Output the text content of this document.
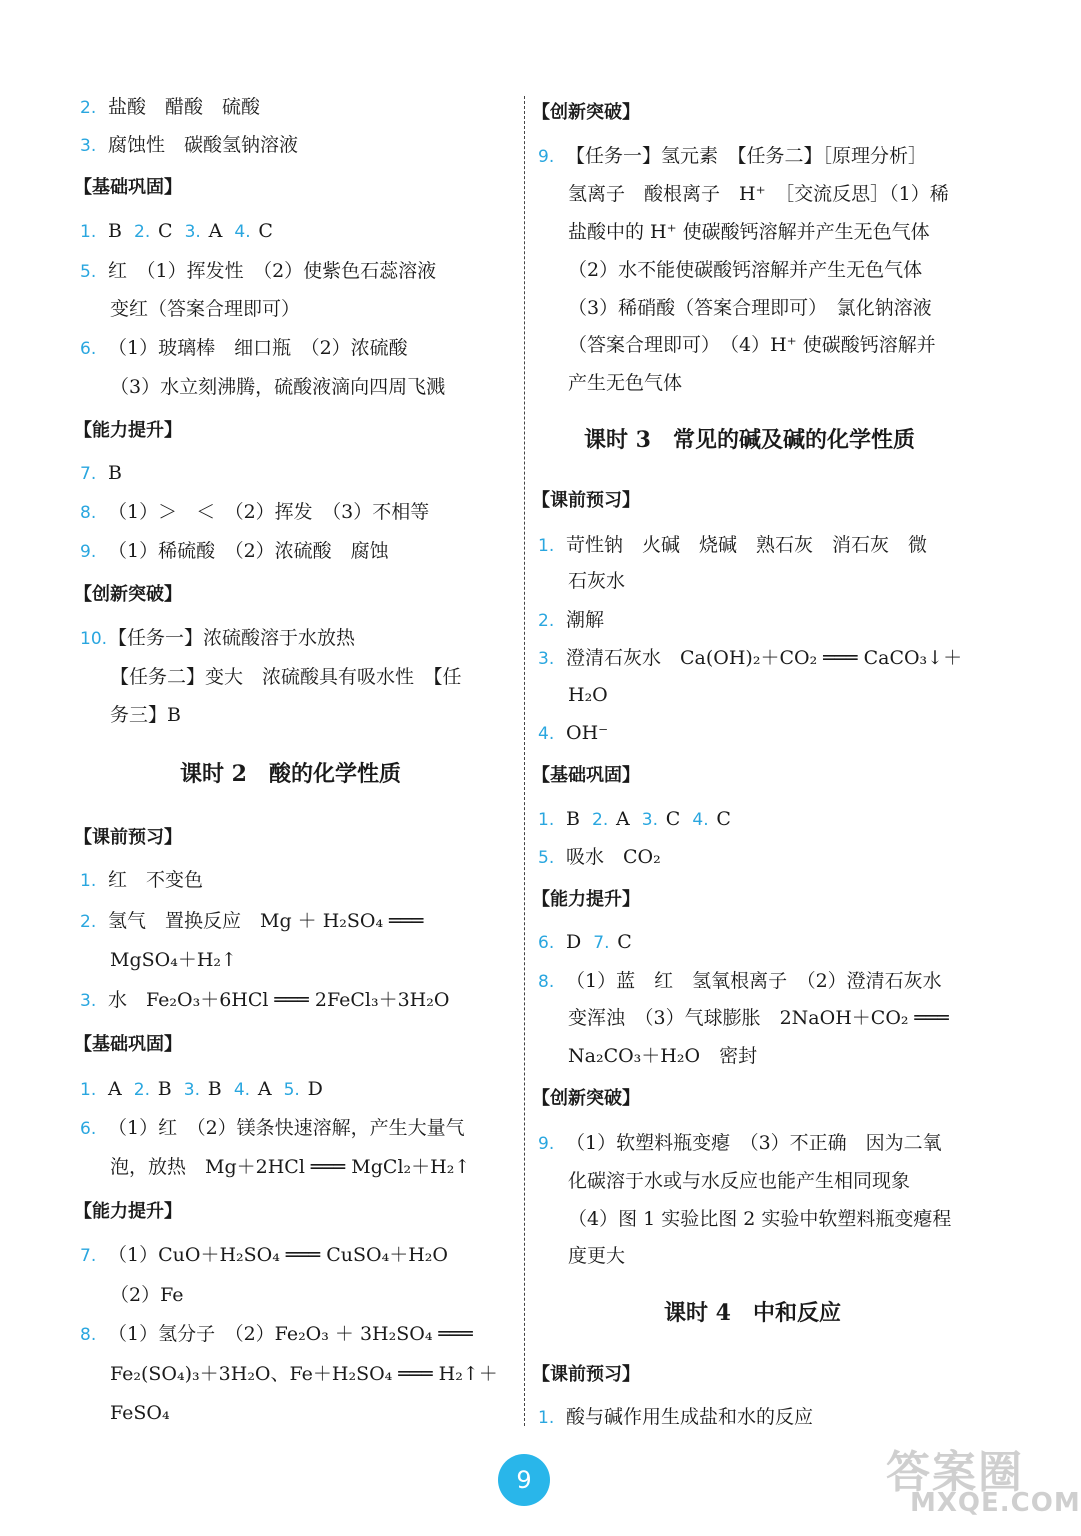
2. 盐酸　醋酸　硫酸
3. 腐蚀性　碳酸氢钠溶液
【基础巩固】
1. B 2. C 3. A 4. C
5. 红　（1）挥发性　（2）使紫色石蕊溶液
变红（答案合理即可）
6. （1）玻璃棒　细口瓶　（2）浓硫酸
（3）水立刻沸腾，硫酸液滴向四周飞溅
【能力提升】
7. B
8. （1）＞　＜　（2）挥发　（3）不相等
9. （1）稀硫酸　（2）浓硫酸　腐蚀
【创新突破】
10.【任务一】浓硫酸溶于水放热
【任务二】变大　浓硫酸具有吸水性　【任
务三】B
课时 2　酸的化学性质
【课前预习】
1. 红　不变色
2. 氢气　置换反应　Mg ＋ H₂SO₄ ═══
MgSO₄＋H₂↑
3. 水　Fe₂O₃＋6HCl ═══ 2FeCl₃＋3H₂O
【基础巩固】
1. A 2. B 3. B 4. A 5. D
6. （1）红　（2）镁条快速溶解，产生大量气
泡，放热　Mg＋2HCl ═══ MgCl₂＋H₂↑
【能力提升】
7. （1）CuO＋H₂SO₄ ═══ CuSO₄＋H₂O
（2）Fe
8. （1）氢分子　（2）Fe₂O₃ ＋ 3H₂SO₄ ═══
Fe₂(SO₄)₃＋3H₂O、Fe＋H₂SO₄ ═══ H₂↑＋
FeSO₄
【创新突破】
9. 【任务一】氢元素　【任务二】［原理分析］
氢离子　酸根离子　H⁺　［交流反思］（1）稀
盐酸中的 H⁺ 使碳酸钙溶解并产生无色气体
（2）水不能使碳酸钙溶解并产生无色气体
（3）稀硝酸（答案合理即可）　氯化钠溶液
（答案合理即可）　（4）H⁺ 使碳酸钙溶解并
产生无色气体
课时 3　常见的碱及碱的化学性质
【课前预习】
1. 苛性钠　火碱　烧碱　熟石灰　消石灰　微
石灰水
2. 潮解
3. 澄清石灰水　Ca(OH)₂＋CO₂ ═══ CaCO₃↓＋
H₂O
4. OH⁻
【基础巩固】
1. B 2. A 3. C 4. C
5. 吸水　CO₂
【能力提升】
6. D 7. C
8. （1）蓝　红　氢氧根离子　（2）澄清石灰水
变浑浊　（3）气球膨胀　2NaOH＋CO₂ ═══
Na₂CO₃＋H₂O　密封
【创新突破】
9. （1）软塑料瓶变瘪　（3）不正确　因为二氧
化碳溶于水或与水反应也能产生相同现象
（4）图 1 实验比图 2 实验中软塑料瓶变瘪程
度更大
课时 4　中和反应
【课前预习】
1. 酸与碱作用生成盐和水的反应
9	答案圈
MXQE.COM
